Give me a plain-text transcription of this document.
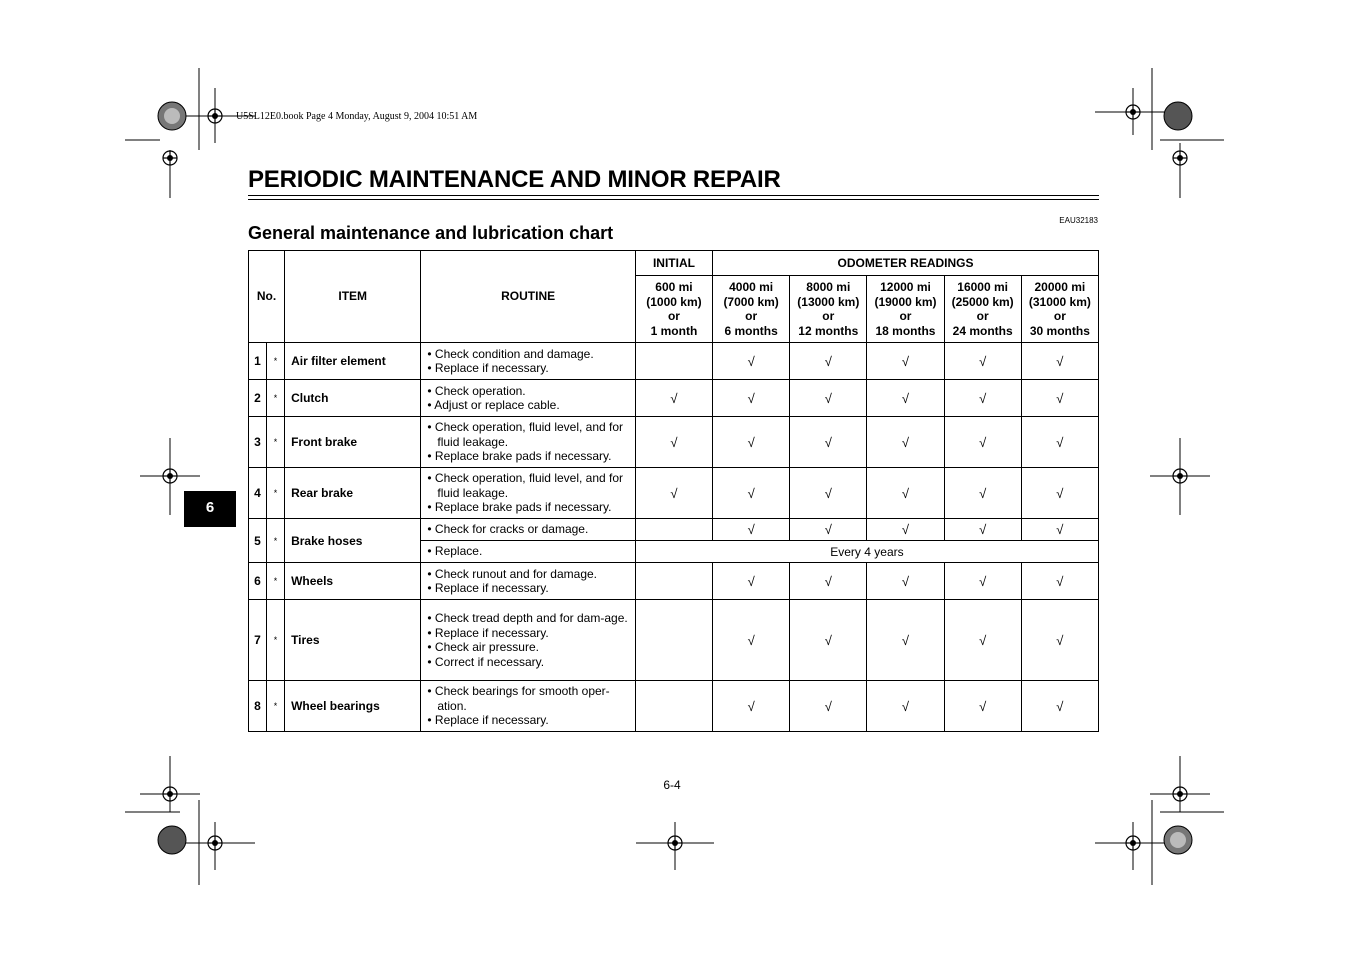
U5SL12E0.book Page 4 Monday, August 9, 2004 10:51 AM
PERIODIC MAINTENANCE AND MINOR REPAIR
EAU32183
General maintenance and lubrication chart
6
No.		ITEM	ROUTINE	INITIAL	ODOMETER READINGS				

				600 mi
(1000 km)
or
1 month	4000 mi
(7000 km)
or
6 months	8000 mi
(13000 km)
or
12 months	12000 mi
(19000 km)
or
18 months	16000 mi
(25000 km)
or
24 months	20000 mi
(31000 km)
or
30 months

1	*	Air filter element	• Check condition and damage.
• Replace if necessary.		√	√	√	√	√
2	*	Clutch	• Check operation.
• Adjust or replace cable.	√	√	√	√	√	√
3	*	Front brake	• Check operation, fluid level, and for fluid leakage.
• Replace brake pads if necessary.	√	√	√	√	√	√
4	*	Rear brake	• Check operation, fluid level, and for fluid leakage.
• Replace brake pads if necessary.	√	√	√	√	√	√
5	*	Brake hoses	• Check for cracks or damage.		√	√	√	√	√

			• Replace.	Every 4 years					
6	*	Wheels	• Check runout and for damage.
• Replace if necessary.		√	√	√	√	√
7	*	Tires	• Check tread depth and for dam-age.
• Replace if necessary.
• Check air pressure.
• Correct if necessary.		√	√	√	√	√
8	*	Wheel bearings	• Check bearings for smooth oper-ation.
• Replace if necessary.		√	√	√	√	√
6-4
